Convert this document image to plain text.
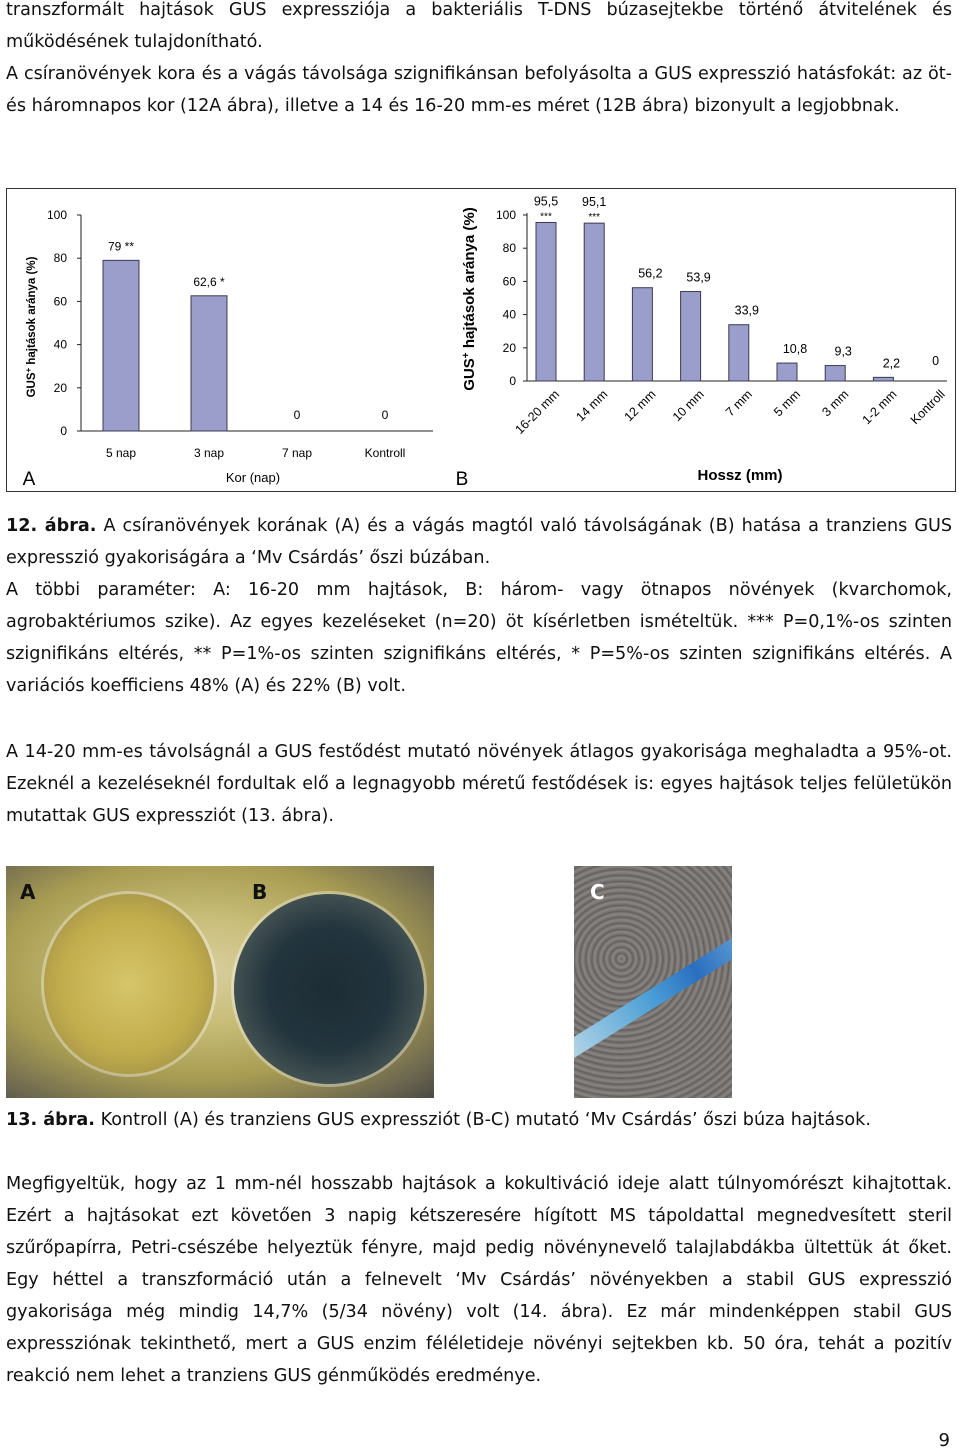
transzformált hajtások GUS expressziója a bakteriális T-DNS búzasejtekbe történő átvitelének és működésének tulajdonítható.

A csíranövények kora és a vágás távolsága szignifikánsan befolyásolta a GUS expresszió hatásfokát: az öt- és háromnapos kor (12A ábra), illetve a 14 és 16-20 mm-es méret (12B ábra) bizonyult a legjobbnak.

0
20
40
60
80
100
79 **
62,6 *
0	0
5 nap	3 nap	7 nap	Kontroll
Kor (nap)
A
GUS+ hajtások aránya (%)
0
20
40
60
80
100
95,5
***
95,1
***
56,2 53,9
33,9
10,8 9,3
2,2	0
16-20 mm 14 mm 12 mm 10 mm 7 mm 5 mm 3 mm 1-2 mm Kontroll
Hossz (mm)
B
GUS+ hajtások aránya (%)

12. ábra. A csíranövények korának (A) és a vágás magtól való távolságának (B) hatása a tranziens GUS expresszió gyakoriságára a ‘Mv Csárdás’ őszi búzában.

A többi paraméter: A: 16-20 mm hajtások, B: három- vagy ötnapos növények (kvarchomok, agrobaktériumos szike). Az egyes kezeléseket (n=20) öt kísérletben ismételtük. *** P=0,1%-os szinten szignifikáns eltérés, ** P=1%-os szinten szignifikáns eltérés, * P=5%-os szinten szignifikáns eltérés. A variációs koefficiens 48% (A) és 22% (B) volt.

A 14-20 mm-es távolságnál a GUS festődést mutató növények átlagos gyakorisága meghaladta a 95%-ot. Ezeknél a kezeléseknél fordultak elő a legnagyobb méretű festődések is: egyes hajtások teljes felületükön mutattak GUS expressziót (13. ábra).

A	B	C

13. ábra. Kontroll (A) és tranziens GUS expressziót (B-C) mutató ‘Mv Csárdás’ őszi búza hajtások.

Megfigyeltük, hogy az 1 mm-nél hosszabb hajtások a kokultiváció ideje alatt túlnyomórészt kihajtottak. Ezért a hajtásokat ezt követően 3 napig kétszeresére hígított MS tápoldattal megnedvesített steril szűrőpapírra, Petri-csészébe helyeztük fényre, majd pedig növénynevelő talajlabdákba ültettük át őket. Egy héttel a transzformáció után a felnevelt ‘Mv Csárdás’ növényekben a stabil GUS expresszió gyakorisága még mindig 14,7% (5/34 növény) volt (14. ábra). Ez már mindenképpen stabil GUS expressziónak tekinthető, mert a GUS enzim féléletideje növényi sejtekben kb. 50 óra, tehát a pozitív reakció nem lehet a tranziens GUS génműködés eredménye.

9
